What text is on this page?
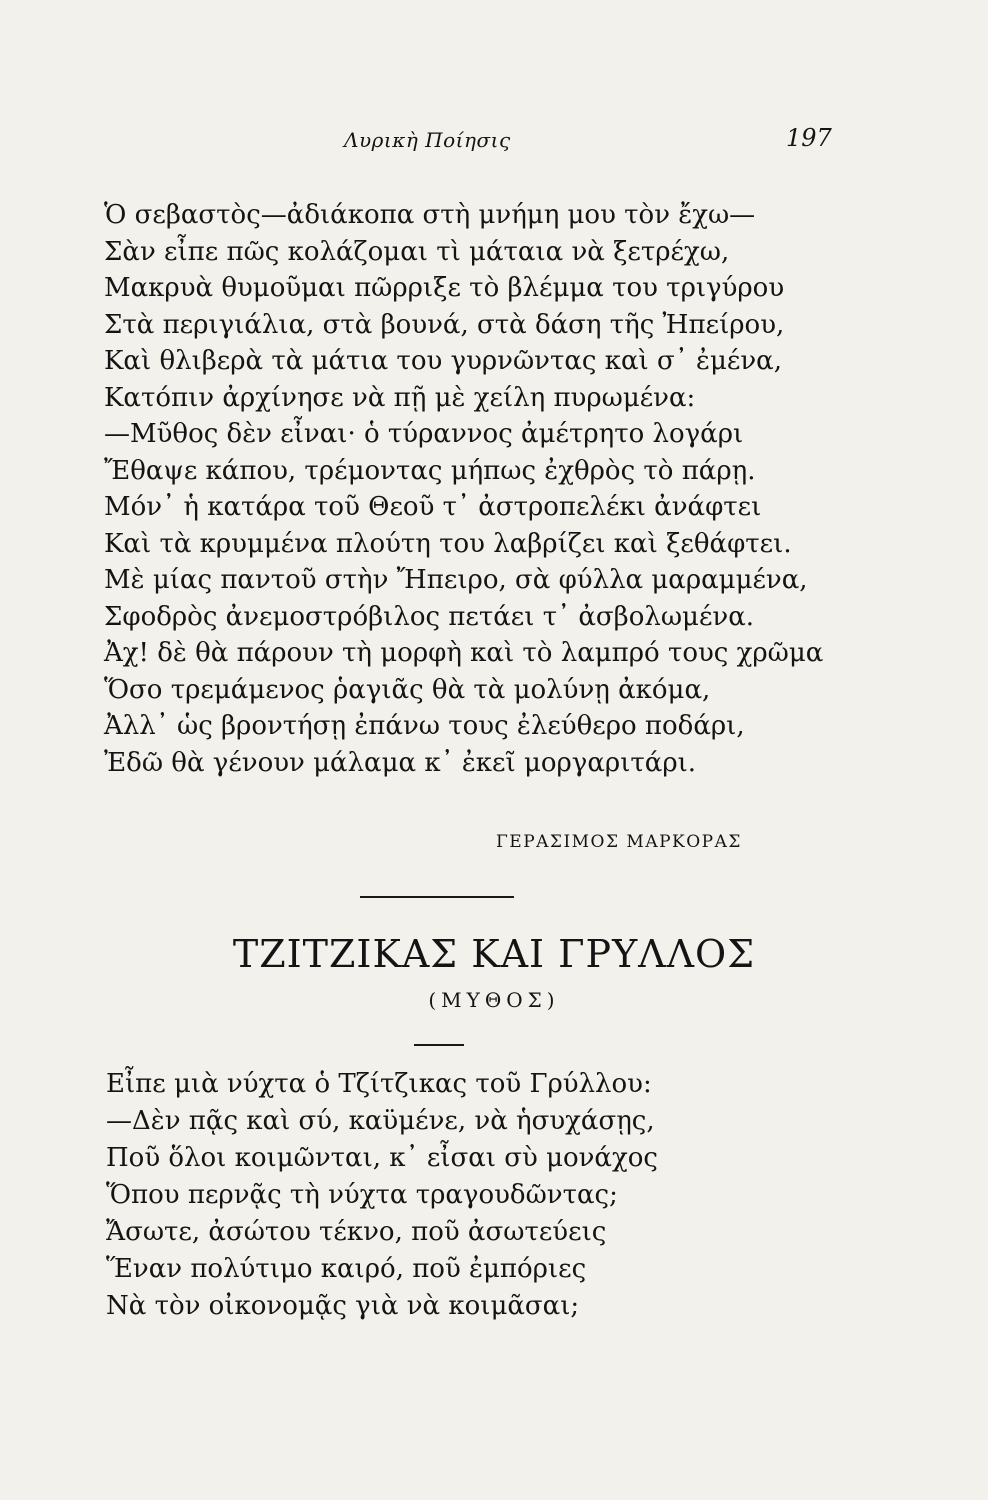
Λυρικὴ Ποίησις	197
Ὁ σεβαστὸς—ἀδιάκοπα στὴ μνήμη μου τὸν ἔχω—
Σὰν εἶπε πῶς κολάζομαι τὶ μάταια νὰ ξετρέχω,
Μακρυὰ θυμοῦμαι πῶρριξε τὸ βλέμμα του τριγύρου
Στὰ περιγιάλια, στὰ βουνά, στὰ δάση τῆς Ἠπείρου,
Καὶ θλιβερὰ τὰ μάτια του γυρνῶντας καὶ σ᾽ ἐμένα,
Κατόπιν ἀρχίνησε νὰ πῇ μὲ χείλη πυρωμένα:
—Μῦθος δὲν εἶναι· ὁ τύραννος ἀμέτρητο λογάρι
Ἔθαψε κάπου, τρέμοντας μήπως ἐχθρὸς τὸ πάρῃ.
Μόν᾽ ἡ κατάρα τοῦ Θεοῦ τ᾽ ἀστροπελέκι ἀνάφτει
Καὶ τὰ κρυμμένα πλούτη του λαβρίζει καὶ ξεθάφτει.
Μὲ μίας παντοῦ στὴν Ἤπειρο, σὰ φύλλα μαραμμένα,
Σφοδρὸς ἀνεμοστρόβιλος πετάει τ᾽ ἀσβολωμένα.
Ἀχ! δὲ θὰ πάρουν τὴ μορφὴ καὶ τὸ λαμπρό τους χρῶμα
Ὅσο τρεμάμενος ῥαγιᾶς θὰ τὰ μολύνῃ ἀκόμα,
Ἀλλ᾽ ὡς βροντήσῃ ἐπάνω τους ἐλεύθερο ποδάρι,
Ἐδῶ θὰ γένουν μάλαμα κ᾽ ἐκεῖ μοργαριτάρι.
ΓΕΡΑΣΙΜΟΣ ΜΑΡΚΟΡΑΣ
ΤΖΙΤΖΙΚΑΣ ΚΑΙ ΓΡΥΛΛΟΣ
(ΜΥΘΟΣ)
Εἶπε μιὰ νύχτα ὁ Τζίτζικας τοῦ Γρύλλου:
—Δὲν πᾷς καὶ σύ, καϋμένε, νὰ ἡσυχάσῃς,
Ποῦ ὅλοι κοιμῶνται, κ᾽ εἶσαι σὺ μονάχος
Ὅπου περνᾷς τὴ νύχτα τραγουδῶντας;
Ἄσωτε, ἀσώτου τέκνο, ποῦ ἀσωτεύεις
Ἕναν πολύτιμο καιρό, ποῦ ἐμπόριες
Νὰ τὸν οἰκονομᾷς γιὰ νὰ κοιμᾶσαι;
